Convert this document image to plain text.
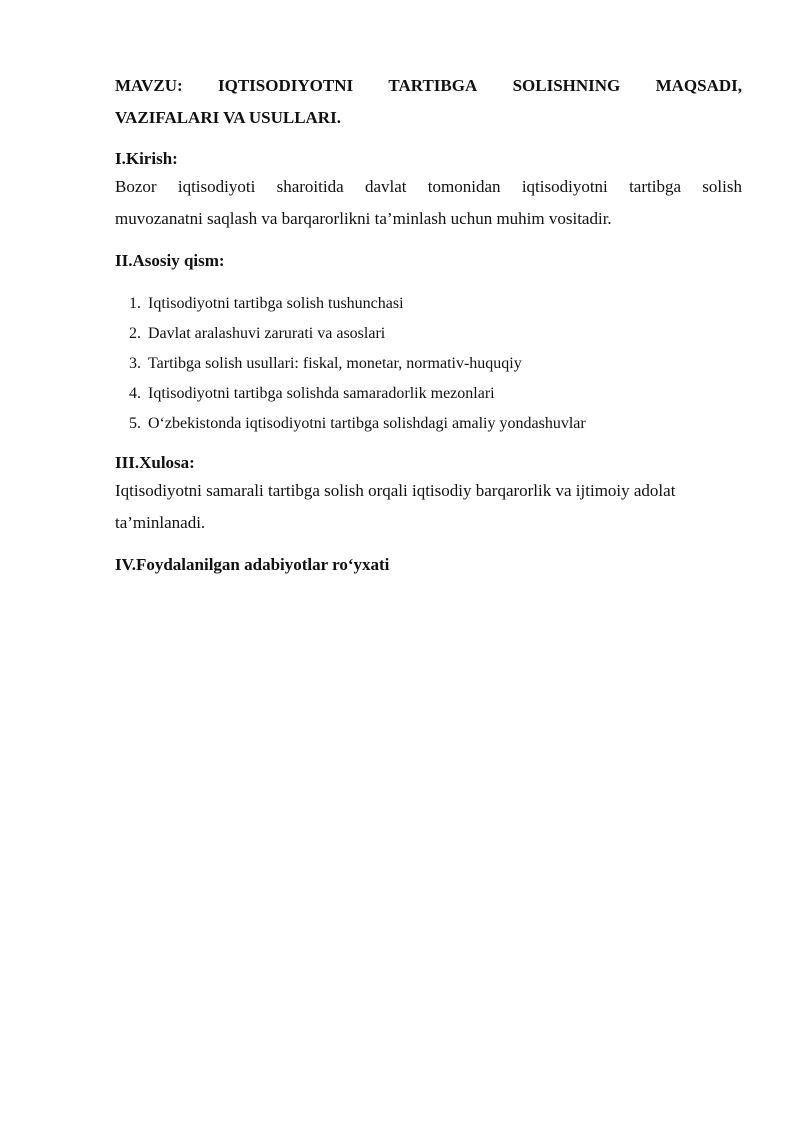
MAVZU: IQTISODIYOTNI TARTIBGA SOLISHNING MAQSADI,
VAZIFALARI VA USULLARI.
I.Kirish:
Bozor iqtisodiyoti sharoitida davlat tomonidan iqtisodiyotni tartibga solish
muvozanatni saqlash va barqarorlikni ta’minlash uchun muhim vositadir.
II.Asosiy qism:
1. Iqtisodiyotni tartibga solish tushunchasi
2. Davlat aralashuvi zarurati va asoslari
3. Tartibga solish usullari: fiskal, monetar, normativ-huquqiy
4. Iqtisodiyotni tartibga solishda samaradorlik mezonlari
5. O‘zbekistonda iqtisodiyotni tartibga solishdagi amaliy yondashuvlar
III.Xulosa:
Iqtisodiyotni samarali tartibga solish orqali iqtisodiy barqarorlik va ijtimoiy adolat
ta’minlanadi.
IV.Foydalanilgan adabiyotlar ro‘yxati
